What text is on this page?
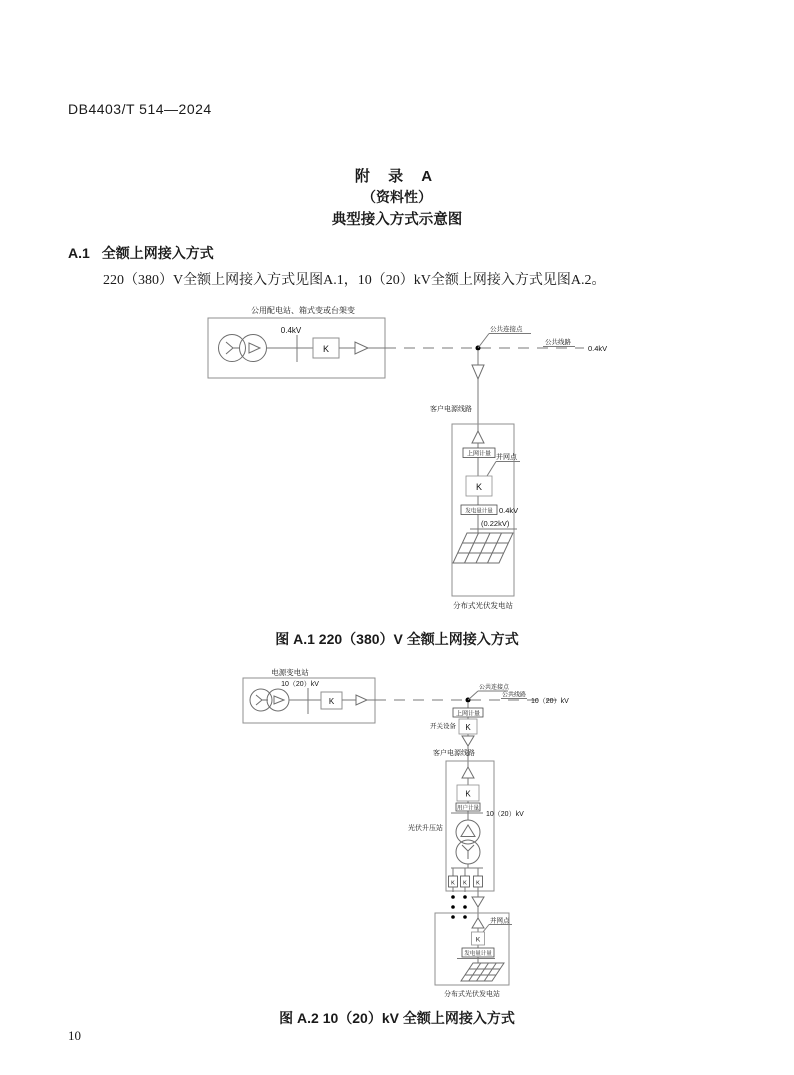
DB4403/T 514—2024
附 录 A
（资料性）
典型接入方式示意图
A.1 全额上网接入方式
220（380）V全额上网接入方式见图A.1，10（20）kV全额上网接入方式见图A.2。
公用配电站、箱式变或台架变
0.4kV
K
公共连接点
公共线路
0.4kV
客户电源线路
上网计量 并网点
K
发电量计量 0.4kV
(0.22kV)
分布式光伏发电站
图 A.1 220（380）V 全额上网接入方式
电源变电站
10（20）kV
K
公共连接点
公共线路
10（20）kV
上网计量
开关设备 K
客户电源线路
光伏升压站
K
用户计量
10（20）kV
K K K
并网点
K
发电量计量
分布式光伏发电站
图 A.2 10（20）kV 全额上网接入方式
10
